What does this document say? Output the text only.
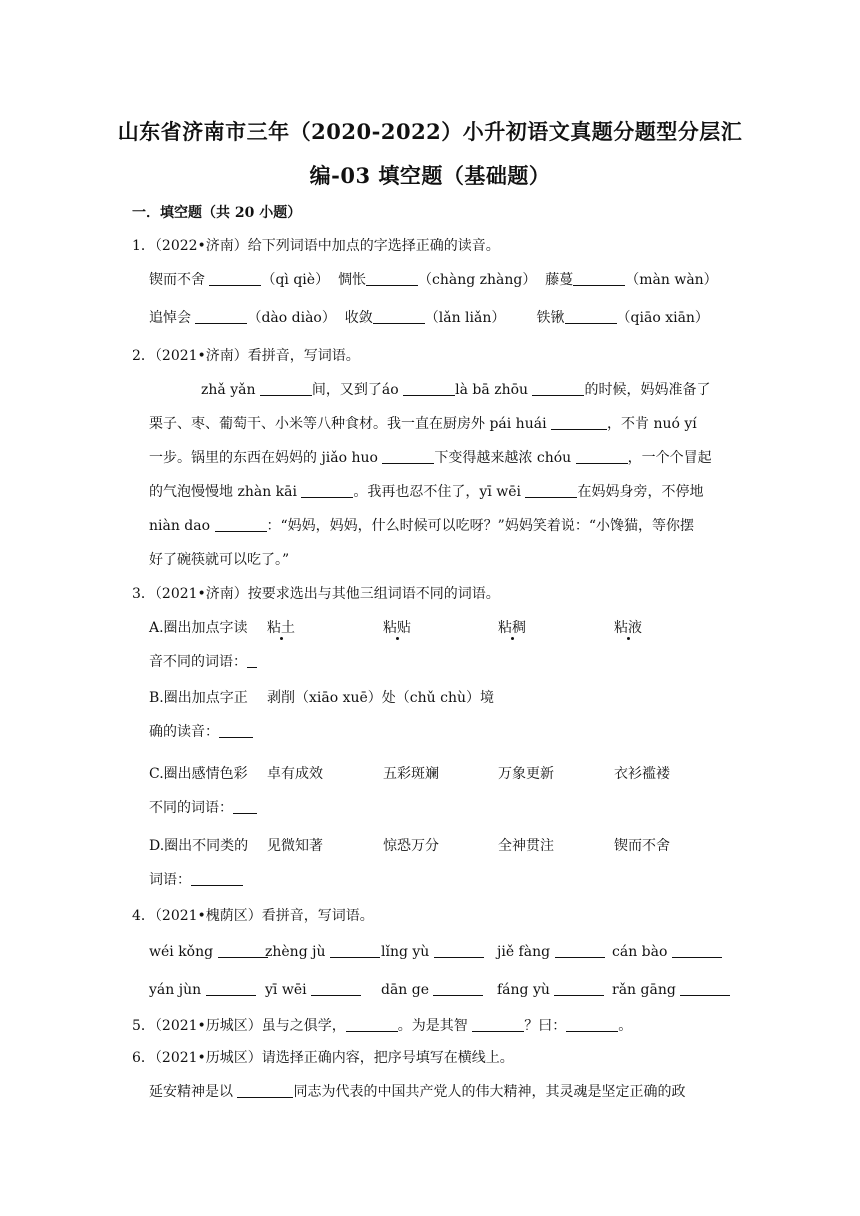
山东省济南市三年（2020-2022）小升初语文真题分题型分层汇
编-03 填空题（基础题）
一．填空题（共 20 小题）
1．（2022•济南）给下列词语中加点的字选择正确的读音。
锲而不舍	（qì qiè） 惆怅	（chàng zhàng） 藤蔓	（màn wàn）
追悼会	（dào diào） 收敛	（lǎn liǎn） 铁锹	（qiāo xiān）
2．（2021•济南）看拼音，写词语。
zhǎ yǎn	间，又到了áo	là bā zhōu	的时候，妈妈准备了
栗子、枣、葡萄干、小米等八种食材。我一直在厨房外 pái huái	，不肯 nuó yí
一步。锅里的东西在妈妈的 jiǎo huo	下变得越来越浓 chóu	，一个个冒起
的气泡慢慢地 zhàn kāi	。我再也忍不住了，yī wēi	在妈妈身旁，不停地
niàn dao	：“妈妈，妈妈，什么时候可以吃呀？”妈妈笑着说：“小馋猫，等你摆
好了碗筷就可以吃了。”
3．（2021•济南）按要求选出与其他三组词语不同的词语。
A.圈出加点字读 粘土	粘贴	粘稠	粘液
音不同的词语：
B.圈出加点字正 剥削（xiāo xuē）处（chǔ chù）境
确的读音：
C.圈出感情色彩 卓有成效	五彩斑斓	万象更新	衣衫褴褛
不同的词语：
D.圈出不同类的 见微知著	惊恐万分	全神贯注	锲而不舍
词语：
4．（2021•槐荫区）看拼音，写词语。
wéi kǒng	zhèng jù	lǐng yù	jiě fàng	cán bào
yán jùn	yī wēi	dān ge	fáng yù	rǎn gāng
5．（2021•历城区）虽与之俱学，	。为是其智	？曰：	。
6．（2021•历城区）请选择正确内容，把序号填写在横线上。
延安精神是以	同志为代表的中国共产党人的伟大精神，其灵魂是坚定正确的政
